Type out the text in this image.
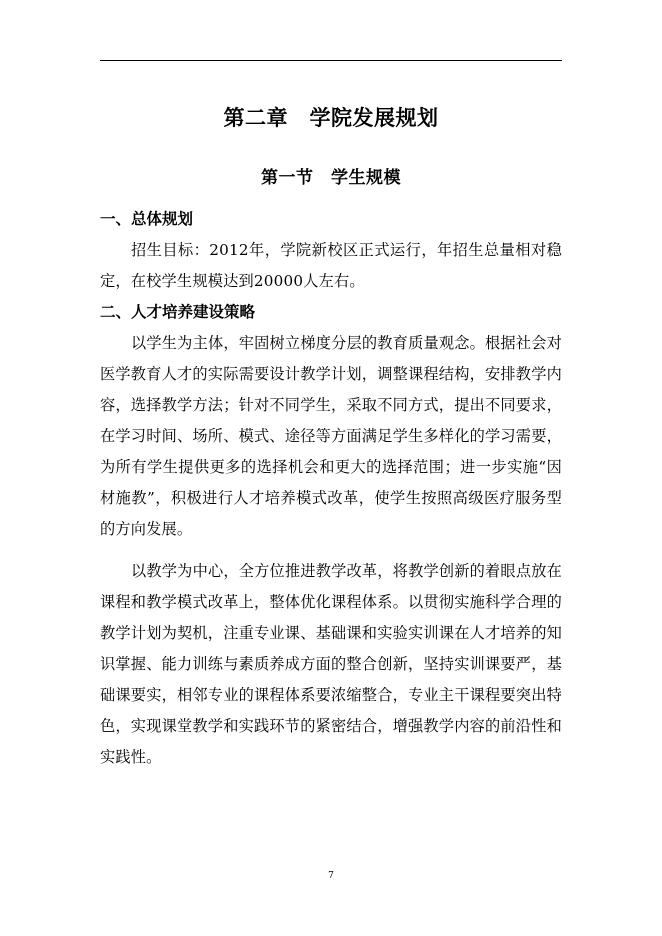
第二章　学院发展规划
第一节　学生规模
一、总体规划

招生目标：2012年，学院新校区正式运行，年招生总量相对稳定，在校学生规模达到20000人左右。

二、人才培养建设策略

以学生为主体，牢固树立梯度分层的教育质量观念。根据社会对医学教育人才的实际需要设计教学计划，调整课程结构，安排教学内容，选择教学方法；针对不同学生，采取不同方式，提出不同要求，在学习时间、场所、模式、途径等方面满足学生多样化的学习需要，为所有学生提供更多的选择机会和更大的选择范围；进一步实施“因材施教”，积极进行人才培养模式改革，使学生按照高级医疗服务型的方向发展。

以教学为中心，全方位推进教学改革，将教学创新的着眼点放在课程和教学模式改革上，整体优化课程体系。以贯彻实施科学合理的教学计划为契机，注重专业课、基础课和实验实训课在人才培养的知识掌握、能力训练与素质养成方面的整合创新，坚持实训课要严，基础课要实，相邻专业的课程体系要浓缩整合，专业主干课程要突出特色，实现课堂教学和实践环节的紧密结合，增强教学内容的前沿性和实践性。

7
